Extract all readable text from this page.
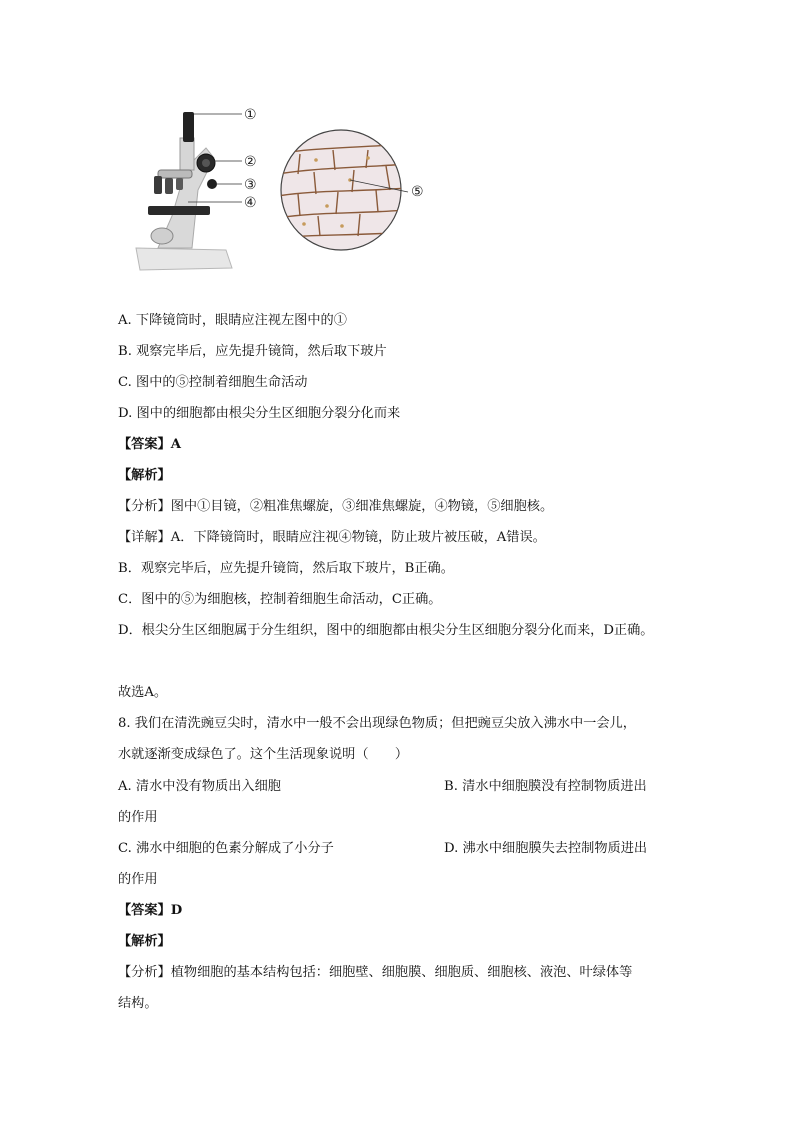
①
②
③
④
⑤
A. 下降镜筒时，眼睛应注视左图中的①
B. 观察完毕后，应先提升镜筒，然后取下玻片
C. 图中的⑤控制着细胞生命活动
D. 图中的细胞都由根尖分生区细胞分裂分化而来
【答案】A
【解析】
【分析】图中①目镜，②粗准焦螺旋，③细准焦螺旋，④物镜，⑤细胞核。
【详解】A．下降镜筒时，眼睛应注视④物镜，防止玻片被压破，A错误。
B．观察完毕后，应先提升镜筒，然后取下玻片，B正确。
C．图中的⑤为细胞核，控制着细胞生命活动，C正确。
D．根尖分生区细胞属于分生组织，图中的细胞都由根尖分生区细胞分裂分化而来，D正确。
故选A。
8. 我们在清洗豌豆尖时，清水中一般不会出现绿色物质；但把豌豆尖放入沸水中一会儿，
水就逐渐变成绿色了。这个生活现象说明（　　）
A. 清水中没有物质出入细胞	B. 清水中细胞膜没有控制物质进出
的作用
C. 沸水中细胞的色素分解成了小分子	D. 沸水中细胞膜失去控制物质进出
的作用
【答案】D
【解析】
【分析】植物细胞的基本结构包括：细胞壁、细胞膜、细胞质、细胞核、液泡、叶绿体等
结构。
